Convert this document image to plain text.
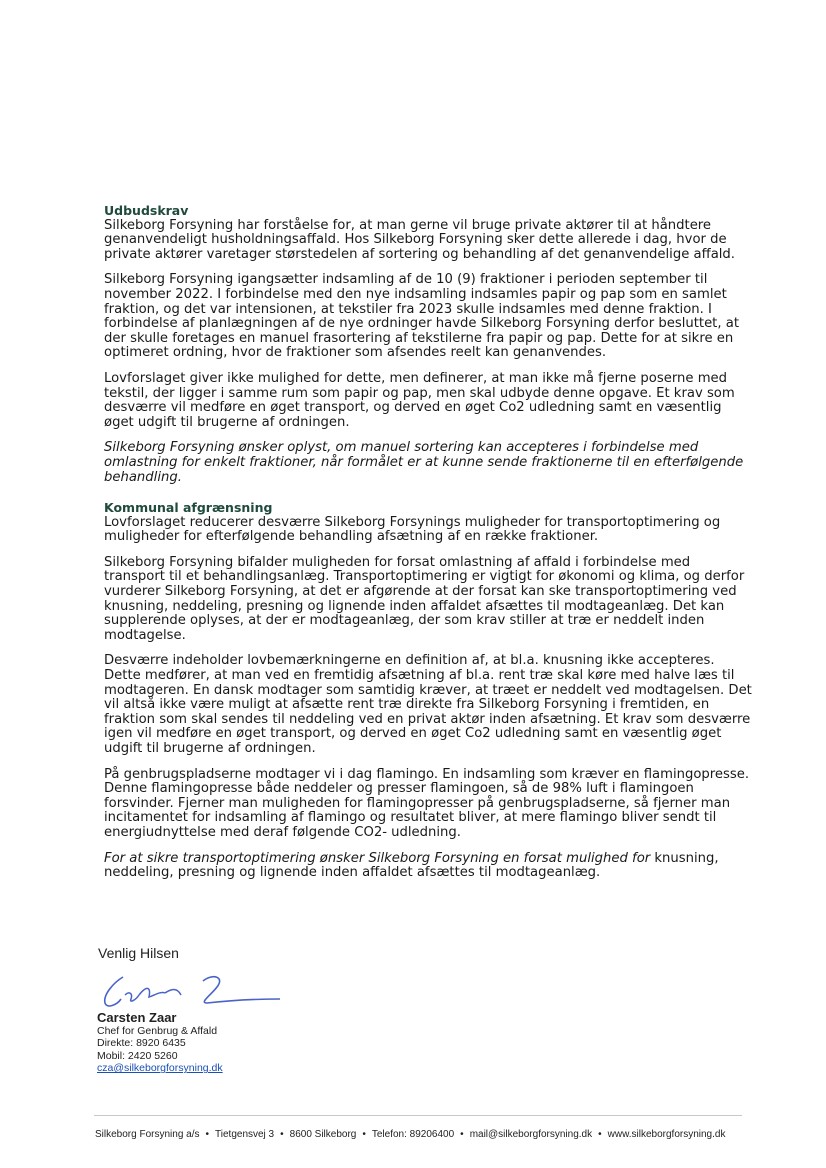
Udbudskrav

Silkeborg Forsyning har forståelse for, at man gerne vil bruge private aktører til at håndtere genanvendeligt husholdningsaffald. Hos Silkeborg Forsyning sker dette allerede i dag, hvor de private aktører varetager størstedelen af sortering og behandling af det genanvendelige affald.

Silkeborg Forsyning igangsætter indsamling af de 10 (9) fraktioner i perioden september til november 2022. I forbindelse med den nye indsamling indsamles papir og pap som en samlet fraktion, og det var intensionen, at tekstiler fra 2023 skulle indsamles med denne fraktion. I forbindelse af planlægningen af de nye ordninger havde Silkeborg Forsyning derfor besluttet, at der skulle foretages en manuel frasortering af tekstilerne fra papir og pap. Dette for at sikre en optimeret ordning, hvor de fraktioner som afsendes reelt kan genanvendes.

Lovforslaget giver ikke mulighed for dette, men definerer, at man ikke må fjerne poserne med tekstil, der ligger i samme rum som papir og pap, men skal udbyde denne opgave. Et krav som desværre vil medføre en øget transport, og derved en øget Co2 udledning samt en væsentlig øget udgift til brugerne af ordningen.

Silkeborg Forsyning ønsker oplyst, om manuel sortering kan accepteres i forbindelse med omlastning for enkelt fraktioner, når formålet er at kunne sende fraktionerne til en efterfølgende behandling.

Kommunal afgrænsning

Lovforslaget reducerer desværre Silkeborg Forsynings muligheder for transportoptimering og muligheder for efterfølgende behandling afsætning af en række fraktioner.

Silkeborg Forsyning bifalder muligheden for forsat omlastning af affald i forbindelse med transport til et behandlingsanlæg. Transportoptimering er vigtigt for økonomi og klima, og derfor vurderer Silkeborg Forsyning, at det er afgørende at der forsat kan ske transportoptimering ved knusning, neddeling, presning og lignende inden affaldet afsættes til modtageanlæg. Det kan supplerende oplyses, at der er modtageanlæg, der som krav stiller at træ er neddelt inden modtagelse.

Desværre indeholder lovbemærkningerne en definition af, at bl.a. knusning ikke accepteres. Dette medfører, at man ved en fremtidig afsætning af bl.a. rent træ skal køre med halve læs til modtageren. En dansk modtager som samtidig kræver, at træet er neddelt ved modtagelsen. Det vil altså ikke være muligt at afsætte rent træ direkte fra Silkeborg Forsyning i fremtiden, en fraktion som skal sendes til neddeling ved en privat aktør inden afsætning. Et krav som desværre igen vil medføre en øget transport, og derved en øget Co2 udledning samt en væsentlig øget udgift til brugerne af ordningen.

På genbrugspladserne modtager vi i dag flamingo. En indsamling som kræver en flamingopresse. Denne flamingopresse både neddeler og presser flamingoen, så de 98% luft i flamingoen forsvinder. Fjerner man muligheden for flamingopresser på genbrugspladserne, så fjerner man incitamentet for indsamling af flamingo og resultatet bliver, at mere flamingo bliver sendt til energiudnyttelse med deraf følgende CO2- udledning.

For at sikre transportoptimering ønsker Silkeborg Forsyning en forsat mulighed for knusning, neddeling, presning og lignende inden affaldet afsættes til modtageanlæg.

Venlig Hilsen
Carsten Zaar
Chef for Genbrug & Affald
Direkte: 8920 6435
Mobil: 2420 5260
cza@silkeborgforsyning.dk
Silkeborg Forsyning a/s • Tietgensvej 3 • 8600 Silkeborg • Telefon: 89206400 • mail@silkeborgforsyning.dk • www.silkeborgforsyning.dk
